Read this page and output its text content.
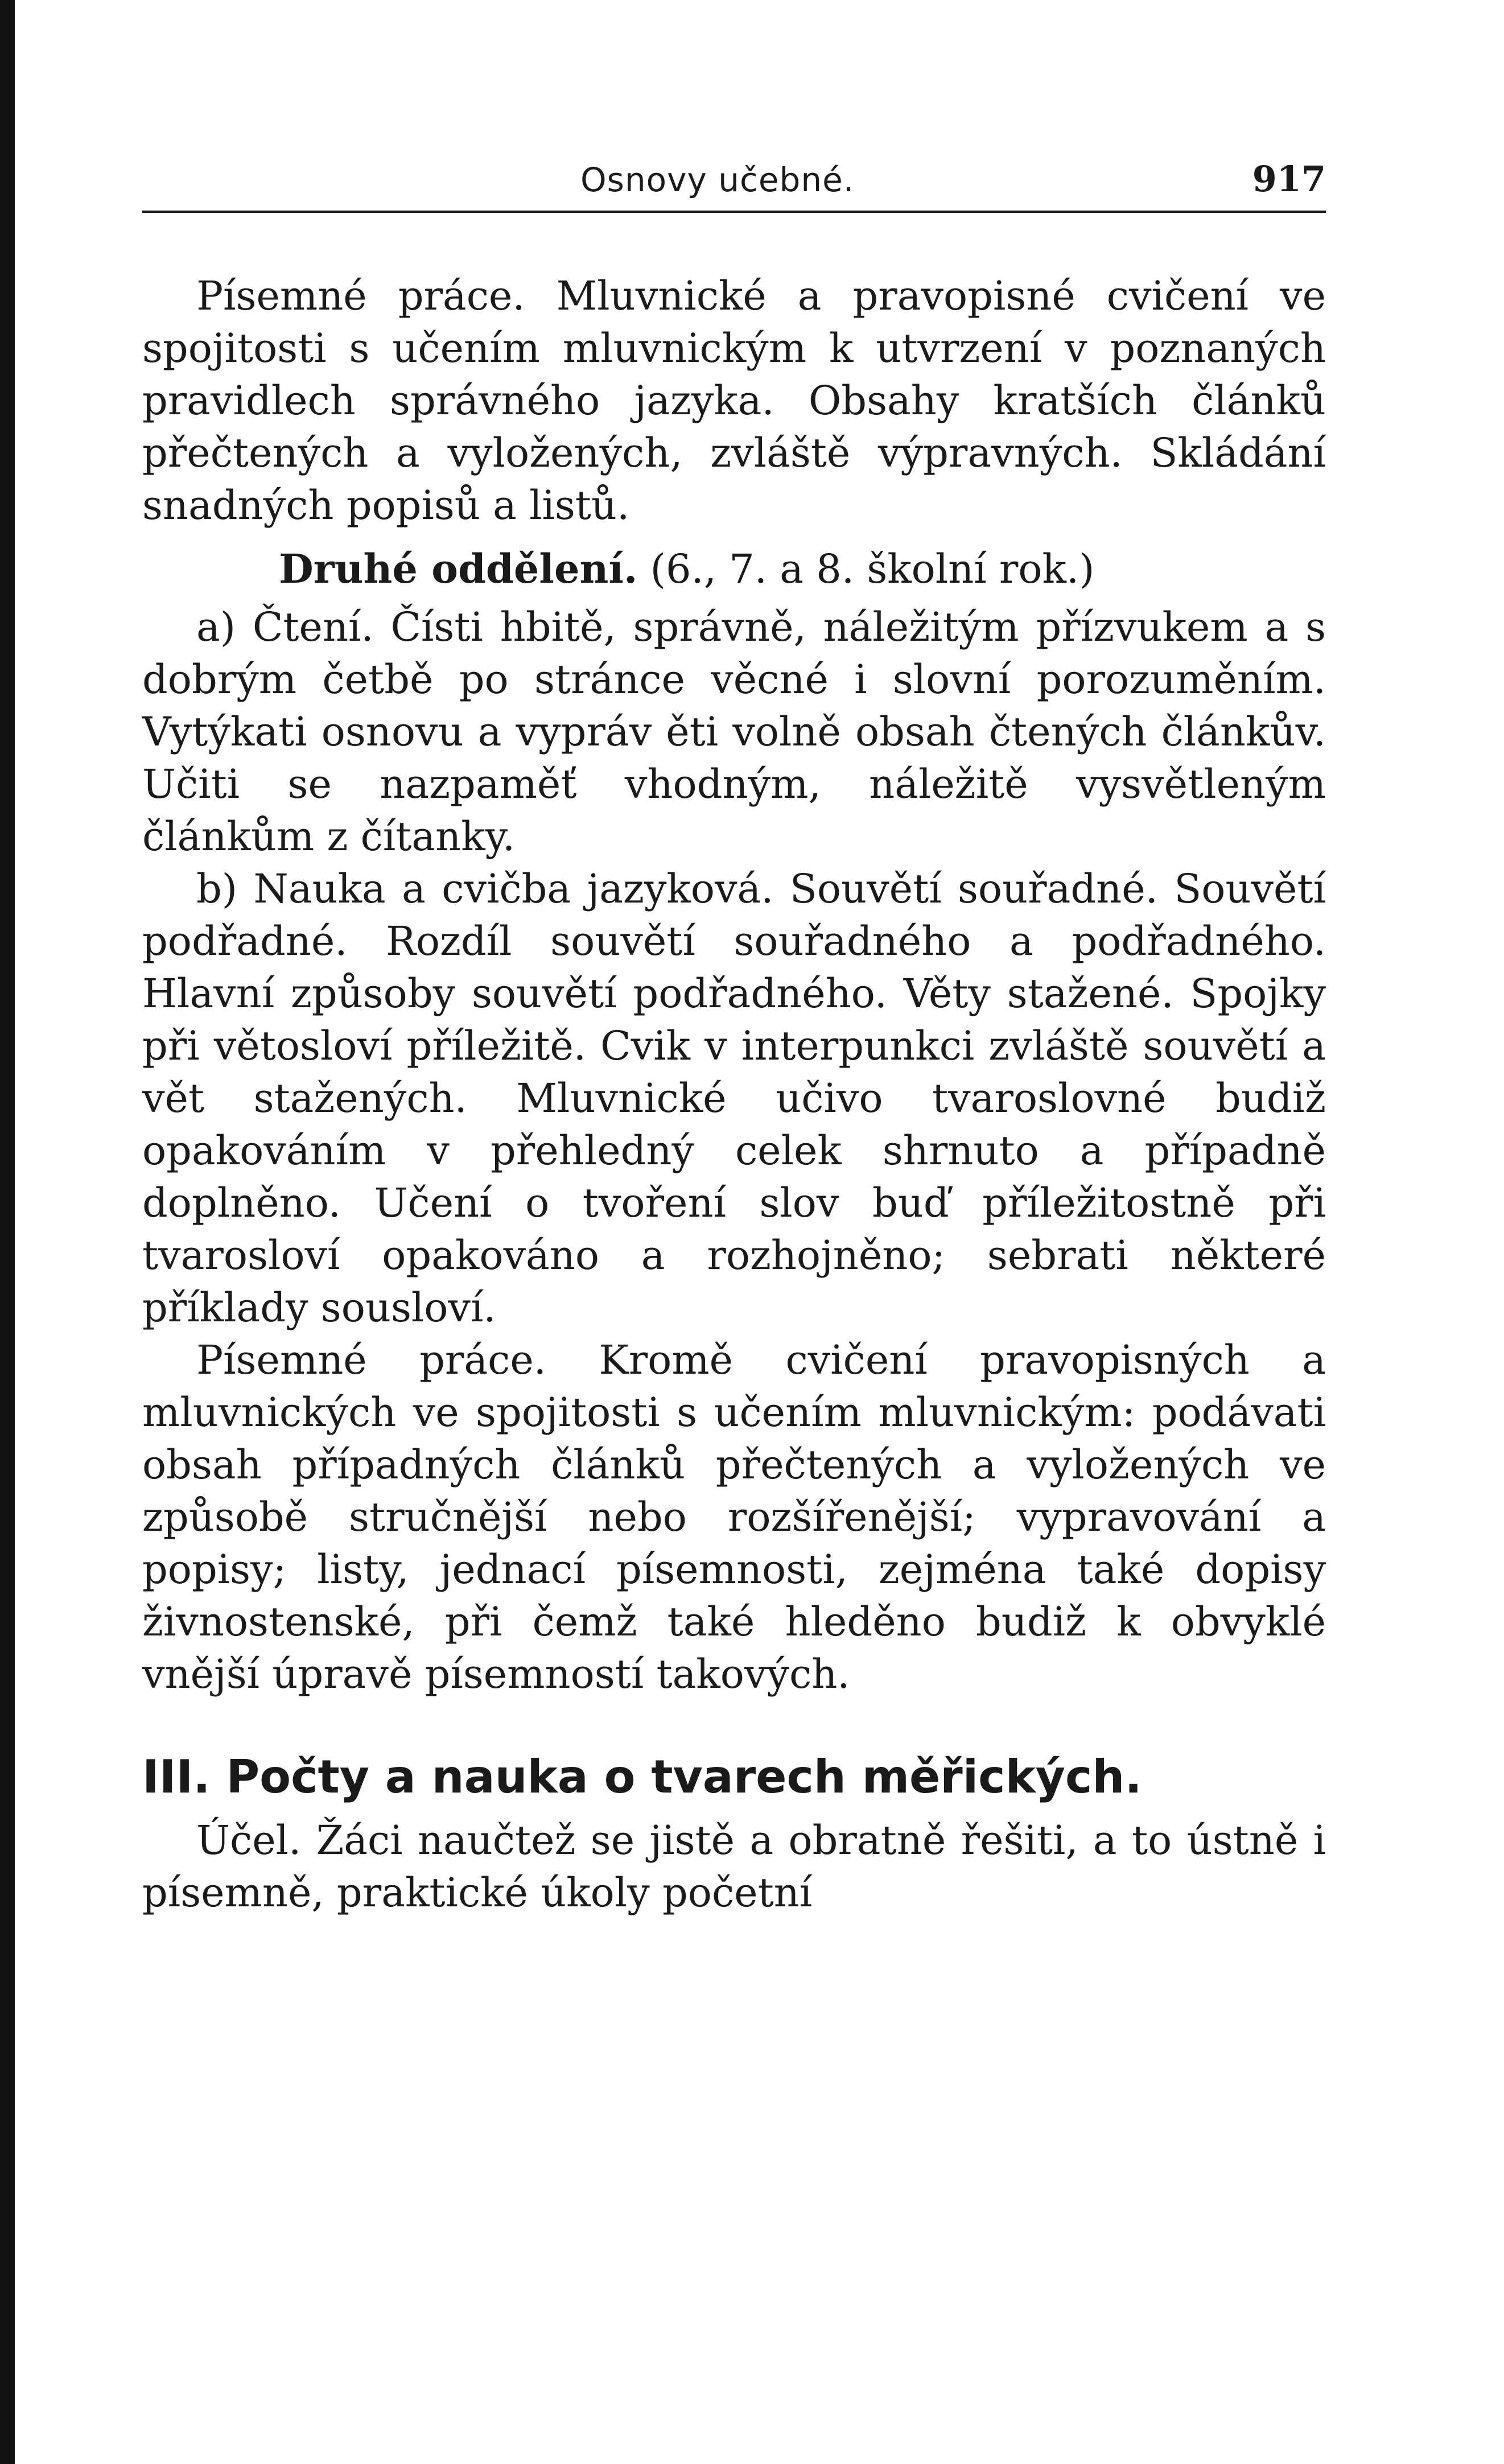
Osnovy učebné.	917

Písemné práce. Mluvnické a pravopisné cvičení ve spojitosti s učením mluvnickým k utvrzení v poznaných pravidlech správného jazyka. Obsahy kratších článků přečtených a vyložených, zvláště výpravných. Skládání snadných popisů a listů.

Druhé oddělení. (6., 7. a 8. školní rok.)

a) Čtení. Čísti hbitě, správně, náležitým přízvukem a s dobrým četbě po stránce věcné i slovní porozuměním. Vytýkati osnovu a vypráv ěti volně obsah čtených článkův. Učiti se nazpaměť vhodným, náležitě vysvětleným článkům z čítanky.

b) Nauka a cvičba jazyková. Souvětí souřadné. Souvětí podřadné. Rozdíl souvětí souřadného a podřadného. Hlavní způsoby souvětí podřadného. Věty stažené. Spojky při větosloví příležitě. Cvik v interpunkci zvláště souvětí a vět stažených. Mluvnické učivo tvaroslovné budiž opakováním v přehledný celek shrnuto a případně doplněno. Učení o tvoření slov buď příležitostně při tvarosloví opakováno a rozhojněno; sebrati některé příklady sousloví.

Písemné práce. Kromě cvičení pravopisných a mluvnických ve spojitosti s učením mluvnickým: podávati obsah případných článků přečtených a vyložených ve způsobě stručnější nebo rozšířenější; vypravování a popisy; listy, jednací písemnosti, zejména také dopisy živnostenské, při čemž také hleděno budiž k obvyklé vnější úpravě písemností takových.

III. Počty a nauka o tvarech měřických.

Účel. Žáci naučtež se jistě a obratně řešiti, a to ústně i písemně, praktické úkoly početní
